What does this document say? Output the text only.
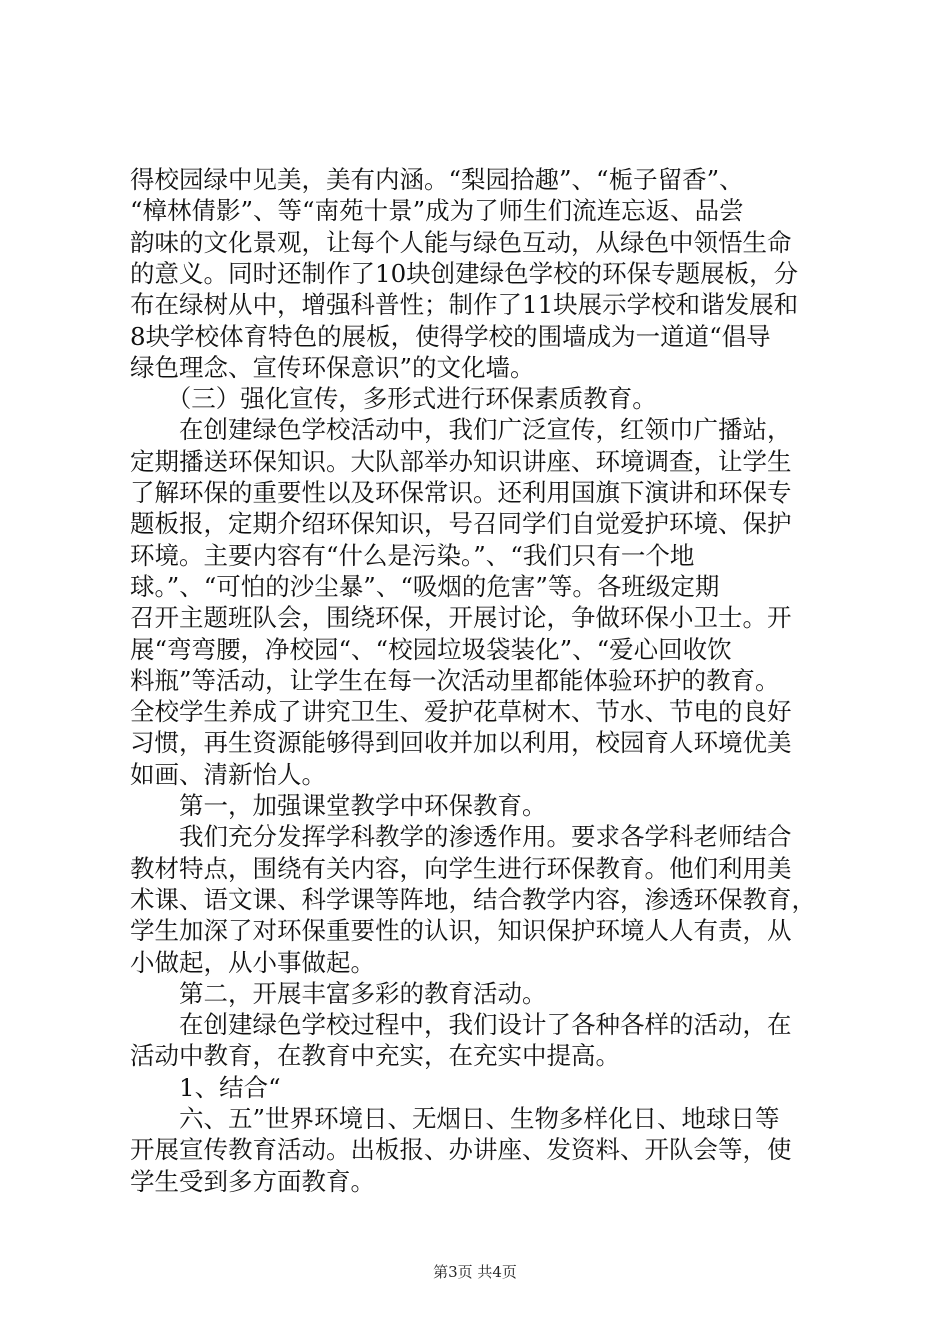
得校园绿中见美，美有内涵。“梨园拾趣”、“栀子留香”、
“樟林倩影”、等“南苑十景”成为了师生们流连忘返、品尝
韵味的文化景观，让每个人能与绿色互动，从绿色中领悟生命
的意义。同时还制作了10块创建绿色学校的环保专题展板，分
布在绿树从中，增强科普性；制作了11块展示学校和谐发展和
8块学校体育特色的展板，使得学校的围墙成为一道道“倡导
绿色理念、宣传环保意识”的文化墙。
　　（三）强化宣传，多形式进行环保素质教育。
　　在创建绿色学校活动中，我们广泛宣传，红领巾广播站，
定期播送环保知识。大队部举办知识讲座、环境调查，让学生
了解环保的重要性以及环保常识。还利用国旗下演讲和环保专
题板报，定期介绍环保知识，号召同学们自觉爱护环境、保护
环境。主要内容有“什么是污染。”、“我们只有一个地
球。”、“可怕的沙尘暴”、“吸烟的危害”等。各班级定期
召开主题班队会，围绕环保，开展讨论，争做环保小卫士。开
展“弯弯腰，净校园“、“校园垃圾袋装化”、“爱心回收饮
料瓶”等活动，让学生在每一次活动里都能体验环护的教育。
全校学生养成了讲究卫生、爱护花草树木、节水、节电的良好
习惯，再生资源能够得到回收并加以利用，校园育人环境优美
如画、清新怡人。
　　第一，加强课堂教学中环保教育。
　　我们充分发挥学科教学的渗透作用。要求各学科老师结合
教材特点，围绕有关内容，向学生进行环保教育。他们利用美
术课、语文课、科学课等阵地，结合教学内容，渗透环保教育，
学生加深了对环保重要性的认识，知识保护环境人人有责，从
小做起，从小事做起。
　　第二，开展丰富多彩的教育活动。
　　在创建绿色学校过程中，我们设计了各种各样的活动，在
活动中教育，在教育中充实，在充实中提高。
　　1、结合“
　　六、五”世界环境日、无烟日、生物多样化日、地球日等
开展宣传教育活动。出板报、办讲座、发资料、开队会等，使
学生受到多方面教育。
第3页 共4页
